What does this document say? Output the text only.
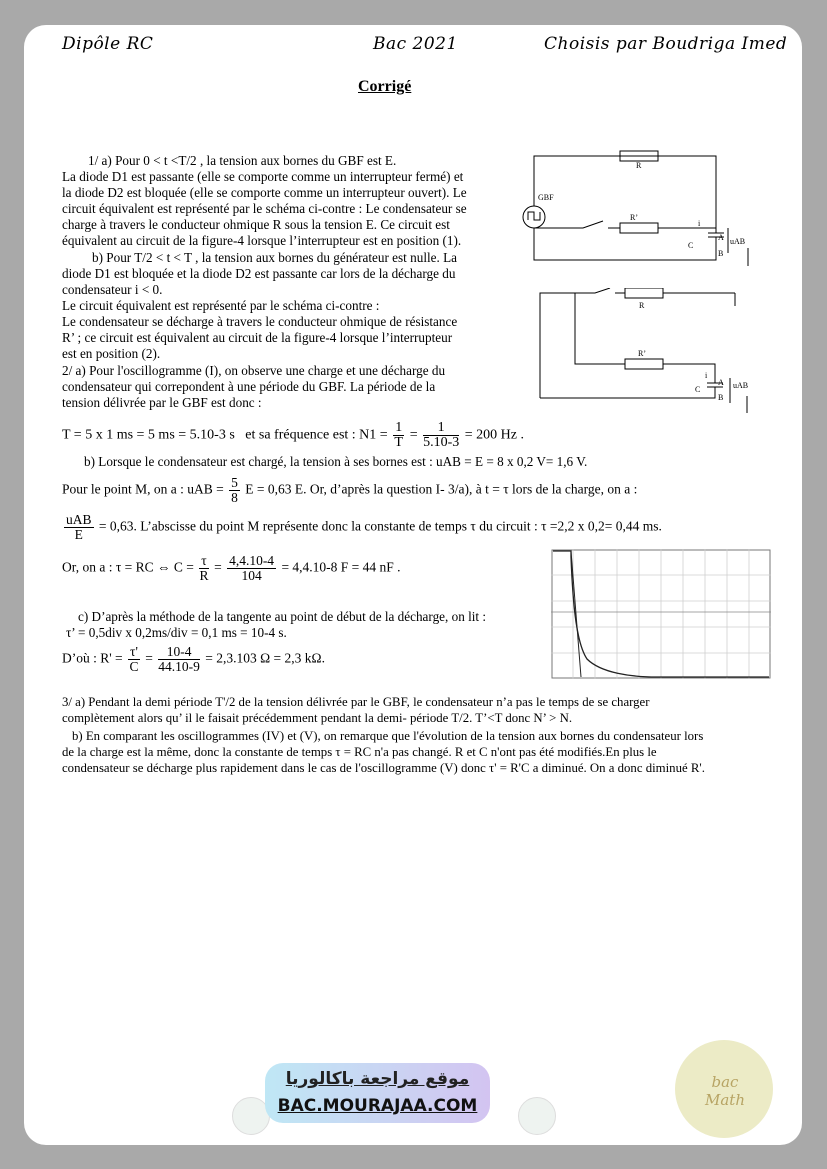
Dipôle RC	Bac 2021	Choisis par Boudriga Imed
Corrigé
1/ a) Pour 0 < t <T/2 , la tension aux bornes du GBF est E.
La diode D1 est passante (elle se comporte comme un interrupteur fermé) et
la diode D2 est bloquée (elle se comporte comme un interrupteur ouvert). Le
circuit équivalent est représenté par le schéma ci-contre : Le condensateur se
charge à travers le conducteur ohmique R sous la tension E. Ce circuit est
équivalent au circuit de la figure-4 lorsque l’interrupteur est en position (1).
b) Pour T/2 < t < T , la tension aux bornes du générateur est nulle. La
diode D1 est bloquée et la diode D2 est passante car lors de la décharge du
condensateur i < 0.
Le circuit équivalent est représenté par le schéma ci-contre :
Le condensateur se décharge à travers le conducteur ohmique de résistance
R’ ; ce circuit est équivalent au circuit de la figure-4 lorsque l’interrupteur
est en position (2).
2/ a) Pour l'oscillogramme (I), on observe une charge et une décharge du
condensateur qui correpondent à une période du GBF. La période de la
tension délivrée par le GBF est donc :
T = 5 x 1 ms = 5 ms = 5.10-3 s et sa fréquence est : $N1 = \frac{1}{T} = \frac{1}{5.10-3} = 200$ Hz .
b) Lorsque le condensateur est chargé, la tension à ses bornes est : uAB = E = 8 x 0,2 V= 1,6 V.
Pour le point M, on a : uAB = $\frac{5}{8}$ E = 0,63 E. Or, d’après la question I- 3/a), à t = τ lors de la charge, on a :
$\frac{\text{uAB}}{E} = 0,63$. L’abscisse du point M représente donc la constante de temps τ du circuit : τ =2,2 x 0,2= 0,44 ms.
Or, on a : τ = RC ⇔ $C = \frac{\tau}{R} = \frac{4,4.10-4}{104} = 4,4.10-8$ F = 44 nF .
c) D’après la méthode de la tangente au point de début de la décharge, on lit :
τ’ = 0,5div x 0,2ms/div = 0,1 ms = 10-4 s.
D’où : $R' = \frac{\tau'}{C} = \frac{10-4}{44.10-9} = 2,3.103$ Ω = 2,3 kΩ.
3/ a) Pendant la demi période T'/2 de la tension délivrée par le GBF, le condensateur n’a pas le temps de se charger
complètement alors qu’ il le faisait précédemment pendant la demi- période T/2. T’<T donc N’ > N.
b) En comparant les oscillogrammes (IV) et (V), on remarque que l'évolution de la tension aux bornes du condensateur lors
de la charge est la même, donc la constante de temps τ = RC n'a pas changé. R et C n'ont pas été modifiés.En plus le
condensateur se décharge plus rapidement dans le cas de l'oscillogramme (V) donc τ' = R'C a diminué. On a donc diminué R'.
GBF
R
R’
i
A
B
C	uAB
R
R’
i
A
B
C	uAB
موقع مراجعة باكالوريا
BAC.MOURAJAA.COM
bac Math
